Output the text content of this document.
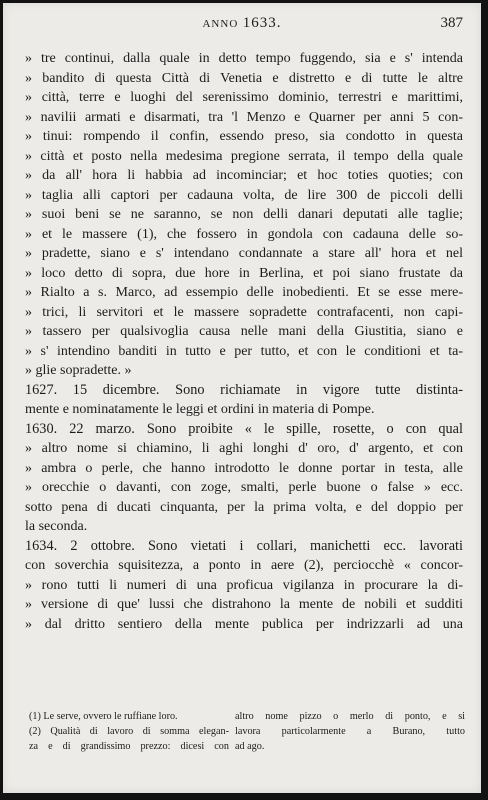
ANNO 1633.	387
» tre continui, dalla quale in detto tempo fuggendo, sia e s' intenda
» bandito di questa Città di Venetia e distretto e di tutte le altre
» città, terre e luoghi del serenissimo dominio, terrestri e marittimi,
» navilii armati e disarmati, tra 'l Menzo e Quarner per anni 5 con-
» tinui: rompendo il confin, essendo preso, sia condotto in questa
» città et posto nella medesima pregione serrata, il tempo della quale
» da all' hora li habbia ad incominciar; et hoc toties quoties; con
» taglia alli captori per cadauna volta, de lire 300 de piccoli delli
» suoi beni se ne saranno, se non delli danari deputati alle taglie;
» et le massere (1), che fossero in gondola con cadauna delle so-
» pradette, siano e s' intendano condannate a stare all' hora et nel
» loco detto di sopra, due hore in Berlina, et poi siano frustate da
» Rialto a s. Marco, ad essempio delle inobedienti. Et se esse mere-
» trici, li servitori et le massere sopradette contrafacenti, non capi-
» tassero per qualsivoglia causa nelle mani della Giustitia, siano e
» s' intendino banditi in tutto e per tutto, et con le conditioni et ta-
» glie sopradette. »
1627. 15 dicembre. Sono richiamate in vigore tutte distinta-
mente e nominatamente le leggi et ordini in materia di Pompe.
1630. 22 marzo. Sono proibite « le spille, rosette, o con qual
» altro nome si chiamino, li aghi longhi d' oro, d' argento, et con
» ambra o perle, che hanno introdotto le donne portar in testa, alle
» orecchie o davanti, con zoge, smalti, perle buone o false » ecc.
sotto pena di ducati cinquanta, per la prima volta, e del doppio per
la seconda.
1634. 2 ottobre. Sono vietati i collari, manichetti ecc. lavorati
con soverchia squisitezza, a ponto in aere (2), perciocchè « concor-
» rono tutti li numeri di una proficua vigilanza in procurare la di-
» versione di que' lussi che distrahono la mente de nobili et sudditi
» dal dritto sentiero della mente publica per indrizzarli ad una
(1) Le serve, ovvero le ruffiane loro.
(2) Qualità di lavoro di somma elegan-
za e di grandissimo prezzo: dicesi con
altro nome pizzo o merlo di ponto, e si
lavora particolarmente a Burano, tutto
ad ago.
